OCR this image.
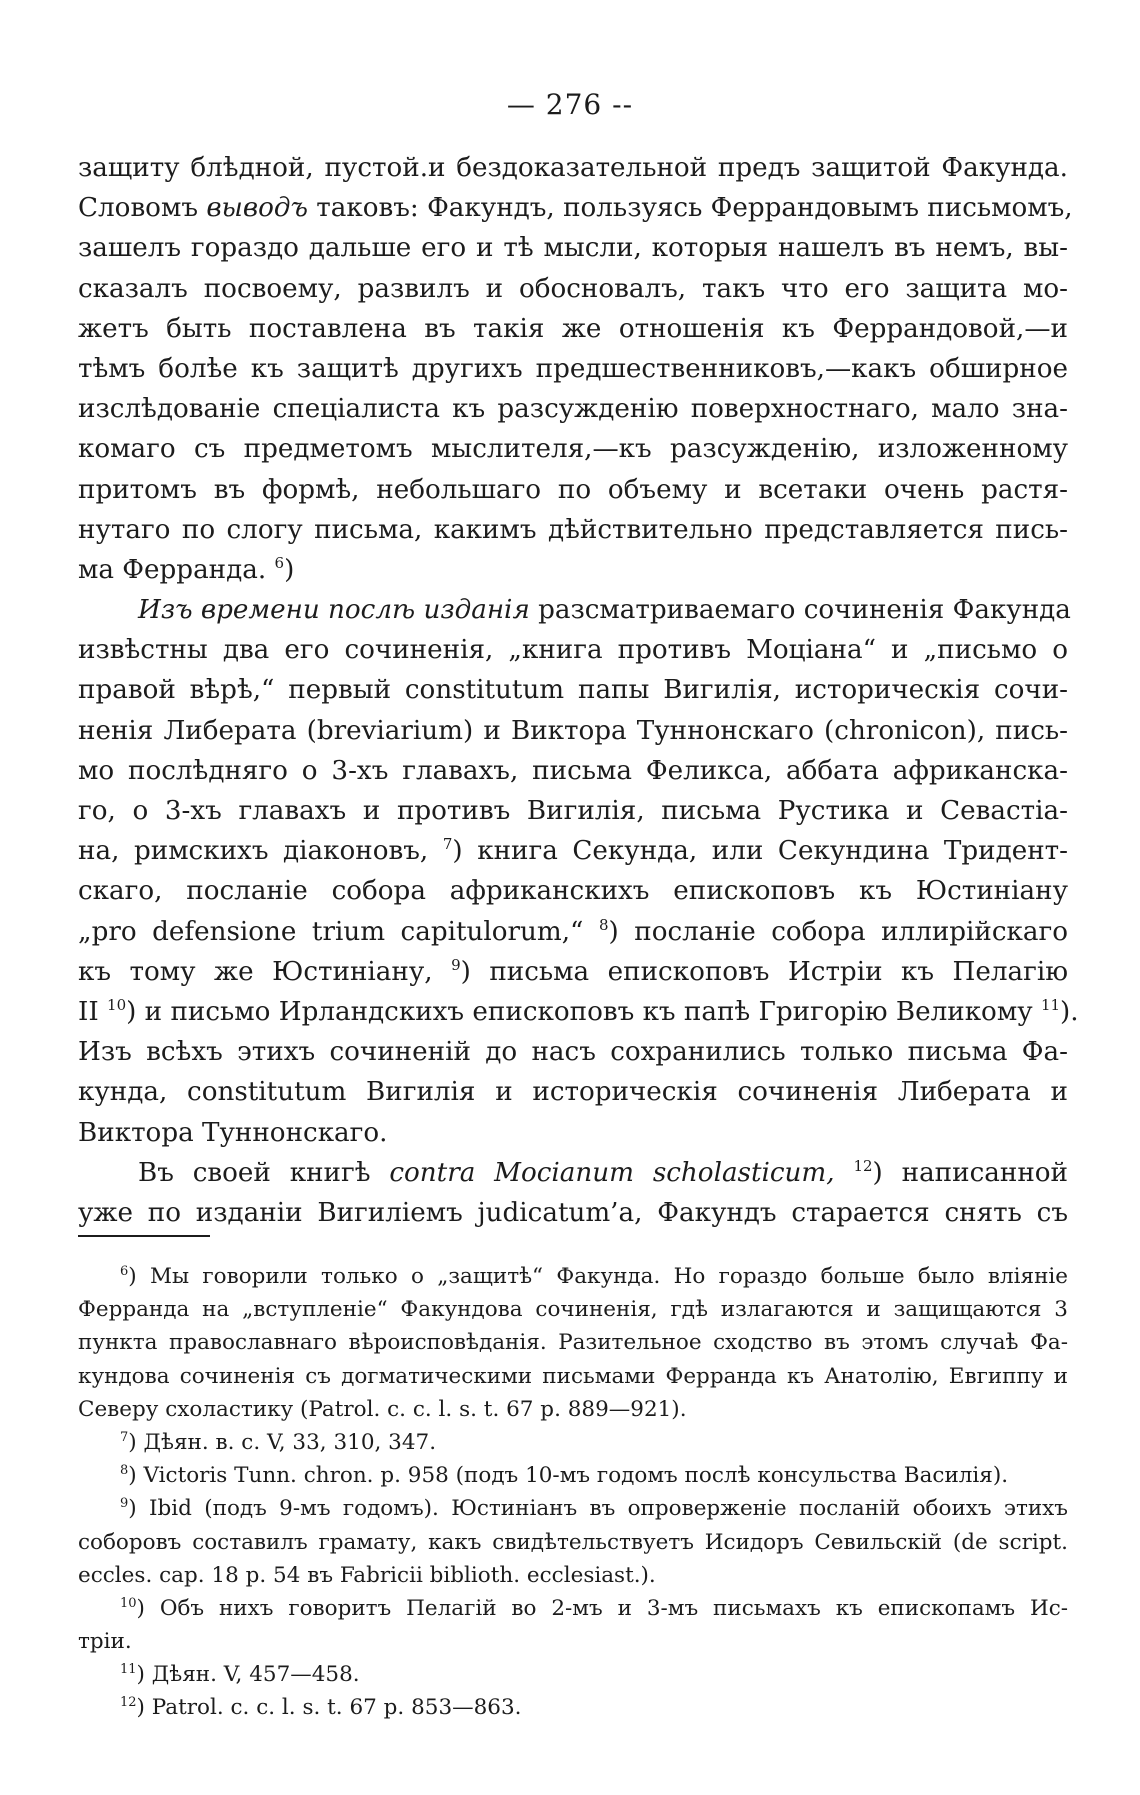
— 276 --
защиту блѣдной, пустой.и бездоказательной предъ защитой Факунда.
Словомъ выводъ таковъ: Факундъ, пользуясь Феррандовымъ письмомъ,
зашелъ гораздо дальше его и тѣ мысли, которыя нашелъ въ немъ, вы-
сказалъ посвоему, развилъ и обосновалъ, такъ что его защита мо-
жетъ быть поставлена въ такія же отношенія къ Феррандовой,—и
тѣмъ болѣе къ защитѣ другихъ предшественниковъ,—какъ обширное
изслѣдованіе спеціалиста къ разсужденію поверхностнаго, мало зна-
комаго съ предметомъ мыслителя,—къ разсужденію, изложенному
притомъ въ формѣ, небольшаго по объему и всетаки очень растя-
нутаго по слогу письма, какимъ дѣйствительно представляется пись-
ма Ферранда. $^6$)
Изъ времени послѣ изданія разсматриваемаго сочиненія Факунда
извѣстны два его сочиненія, „книга противъ Моціана“ и „письмо о
правой вѣрѣ,“ первый constitutum папы Вигилія, историческія сочи-
ненія Либерата (breviarium) и Виктора Туннонскаго (chronicon), пись-
мо послѣдняго о 3-хъ главахъ, письма Феликса, аббата африканска-
го, о 3-хъ главахъ и противъ Вигилія, письма Рустика и Севастіа-
на, римскихъ діаконовъ, $^7$) книга Секунда, или Секундина Тридент-
скаго, посланіе собора африканскихъ епископовъ къ Юстиніану
„pro defensione trium capitulorum,“ $^8$) посланіе собора иллирійскаго
къ тому же Юстиніану, $^9$) письма епископовъ Истріи къ Пелагію
II $^{10}$) и письмо Ирландскихъ епископовъ къ папѣ Григорію Великому $^{11}$).
Изъ всѣхъ этихъ сочиненій до насъ сохранились только письма Фа-
кунда, constitutum Вигилія и историческія сочиненія Либерата и
Виктора Туннонскаго.
Въ своей книгѣ contra Mocianum scholasticum, $^{12}$) написанной
уже по изданіи Вигиліемъ judicatum’а, Факундъ старается снять съ
$^6$) Мы говорили только о „защитѣ“ Факунда. Но гораздо больше было вліяніе
Ферранда на „вступленіе“ Факундова сочиненія, гдѣ излагаются и защищаются 3
пункта православнаго вѣроисповѣданія. Разительное сходство въ этомъ случаѣ Фа-
кундова сочиненія съ догматическими письмами Ферранда къ Анатолію, Евгиппу и
Северу схоластику (Patrol. c. c. l. s. t. 67 p. 889—921).
$^7$) Дѣян. в. с. V, 33, 310, 347.
$^8$) Victoris Tunn. chron. p. 958 (подъ 10-мъ годомъ послѣ консульства Василія).
$^9$) Ibid (подъ 9-мъ годомъ). Юстиніанъ въ опроверженіе посланій обоихъ этихъ
соборовъ составилъ грамату, какъ свидѣтельствуетъ Исидоръ Севильскій (de script.
eccles. cap. 18 p. 54 въ Fabricii biblioth. ecclesiast.).
$^{10}$) Объ нихъ говоритъ Пелагій во 2-мъ и 3-мъ письмахъ къ епископамъ Ис-
тріи.
$^{11}$) Дѣян. V, 457—458.
$^{12}$) Patrol. c. c. l. s. t. 67 p. 853—863.
